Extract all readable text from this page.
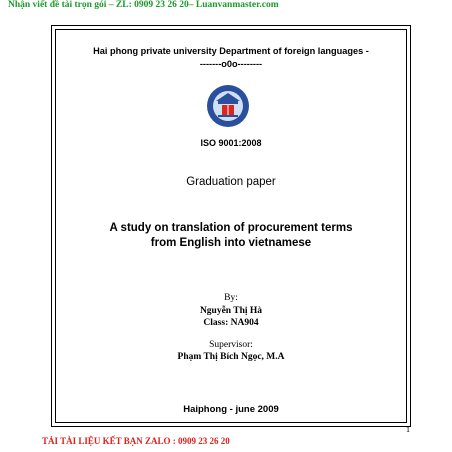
Nhận viết đề tài trọn gói – ZL: 0909 23 26 20– Luanvanmaster.com
Hai phong private university Department of foreign languages -
-------o0o--------
ISO 9001:2008
Graduation paper
A study on translation of procurement terms
from English into vietnamese
By:
Nguyễn Thị Hà
Class: NA904
Supervisor:
Phạm Thị Bích Ngọc, M.A
Haiphong - june 2009
1
TẢI TÀI LIỆU KẾT BẠN ZALO : 0909 23 26 20
